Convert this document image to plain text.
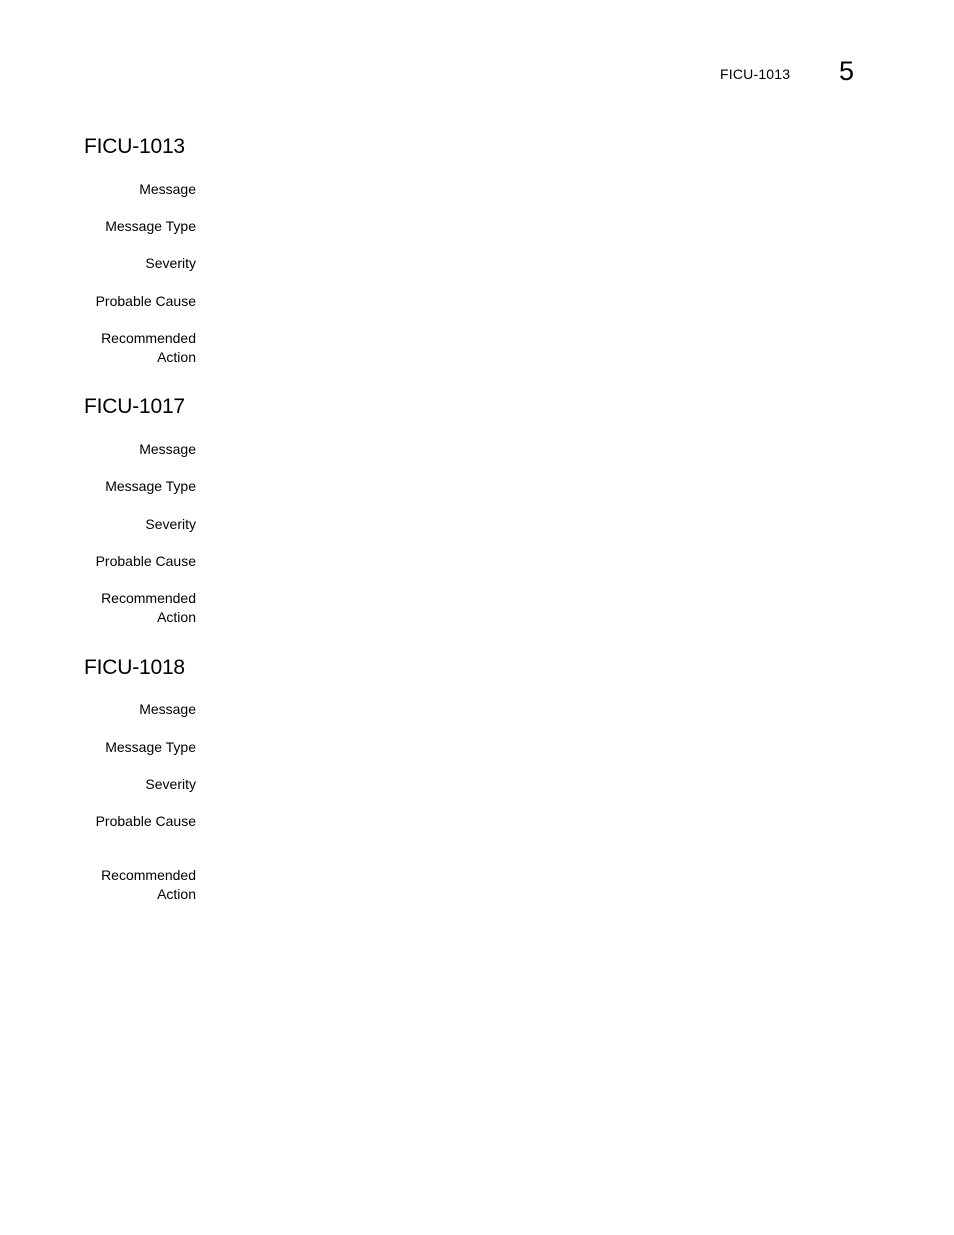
FICU-1013 5
FICU-1013
Message
Message Type
Severity
Probable Cause
Recommended
Action
FICU-1017
Message
Message Type
Severity
Probable Cause
Recommended
Action
FICU-1018
Message
Message Type
Severity
Probable Cause
Recommended
Action
